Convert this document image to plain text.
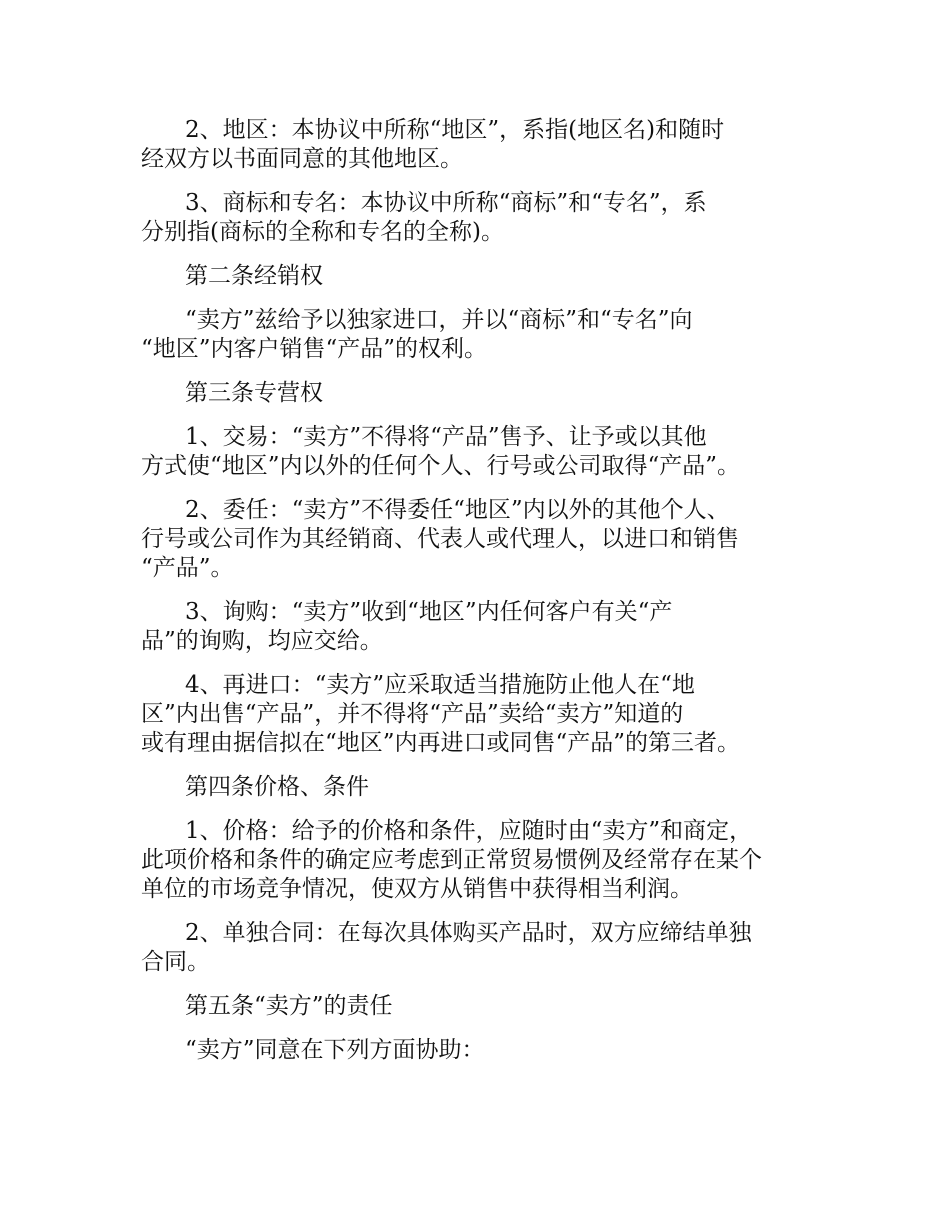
2、地区：本协议中所称“地区”，系指(地区名)和随时
经双方以书面同意的其他地区。

3、商标和专名：本协议中所称“商标”和“专名”，系
分别指(商标的全称和专名的全称)。

第二条经销权

“卖方”兹给予以独家进口，并以“商标”和“专名”向
“地区”内客户销售“产品”的权利。

第三条专营权

1、交易：“卖方”不得将“产品”售予、让予或以其他
方式使“地区”内以外的任何个人、行号或公司取得“产品”。

2、委任：“卖方”不得委任“地区”内以外的其他个人、
行号或公司作为其经销商、代表人或代理人，以进口和销售
“产品”。

3、询购：“卖方”收到“地区”内任何客户有关“产
品”的询购，均应交给。

4、再进口：“卖方”应采取适当措施防止他人在“地
区”内出售“产品”，并不得将“产品”卖给“卖方”知道的
或有理由据信拟在“地区”内再进口或同售“产品”的第三者。

第四条价格、条件

1、价格：给予的价格和条件，应随时由“卖方”和商定，
此项价格和条件的确定应考虑到正常贸易惯例及经常存在某个
单位的市场竞争情况，使双方从销售中获得相当利润。

2、单独合同：在每次具体购买产品时，双方应缔结单独
合同。

第五条“卖方”的责任

“卖方”同意在下列方面协助：
